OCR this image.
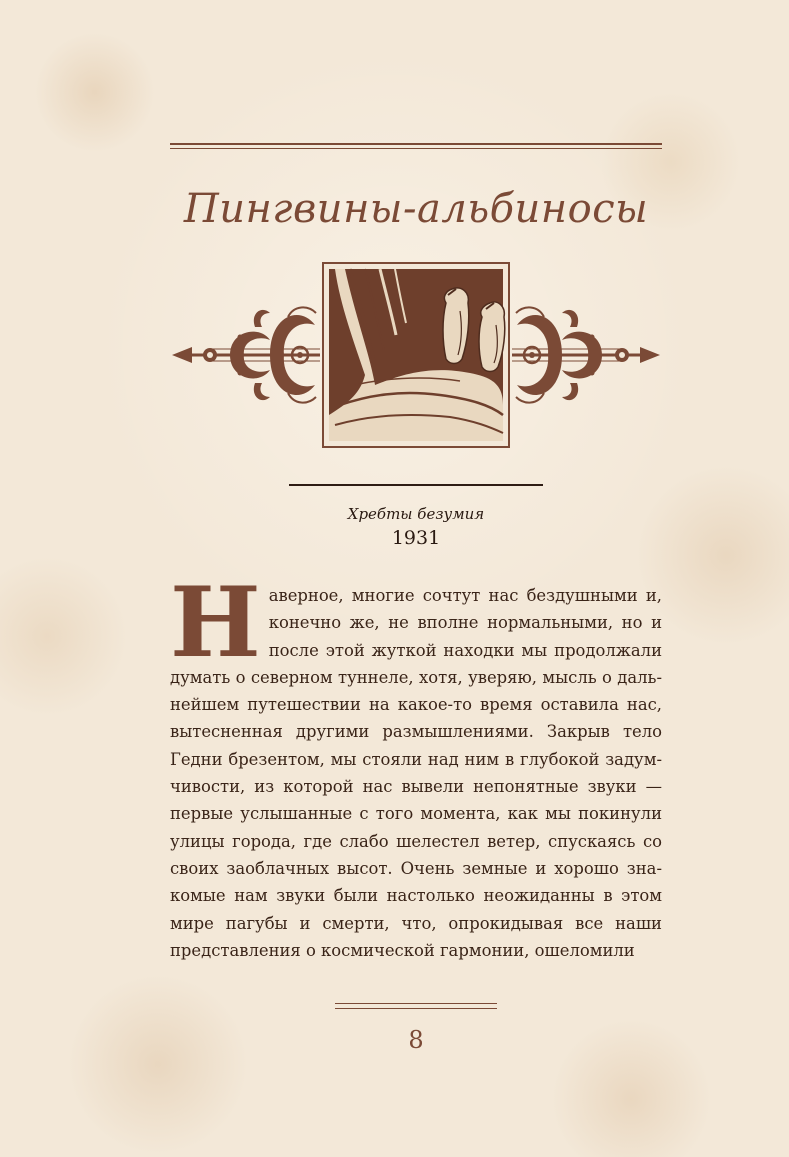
Пингвины-альбиносы
Хребты безумия
1931
Н аверное, многие сочтут нас бездушными и, конечно же, не вполне нормальными, но и после этой жуткой находки мы продолжали думать о северном туннеле, хотя, уверяю, мысль о дальнейшем путешествии на какое-то время оставила нас, вытесненная другими размышлениями. Закрыв тело Гедни брезентом, мы стояли над ним в глубокой задумчивости, из которой нас вывели непонятные звуки — первые услышанные с того момента, как мы покинули улицы города, где слабо шелестел ветер, спускаясь со своих заоблачных высот. Очень земные и хорошо знакомые нам звуки были настолько неожиданны в этом мире пагубы и смерти, что, опрокидывая все наши представления о космической гармонии, ошеломили

8
